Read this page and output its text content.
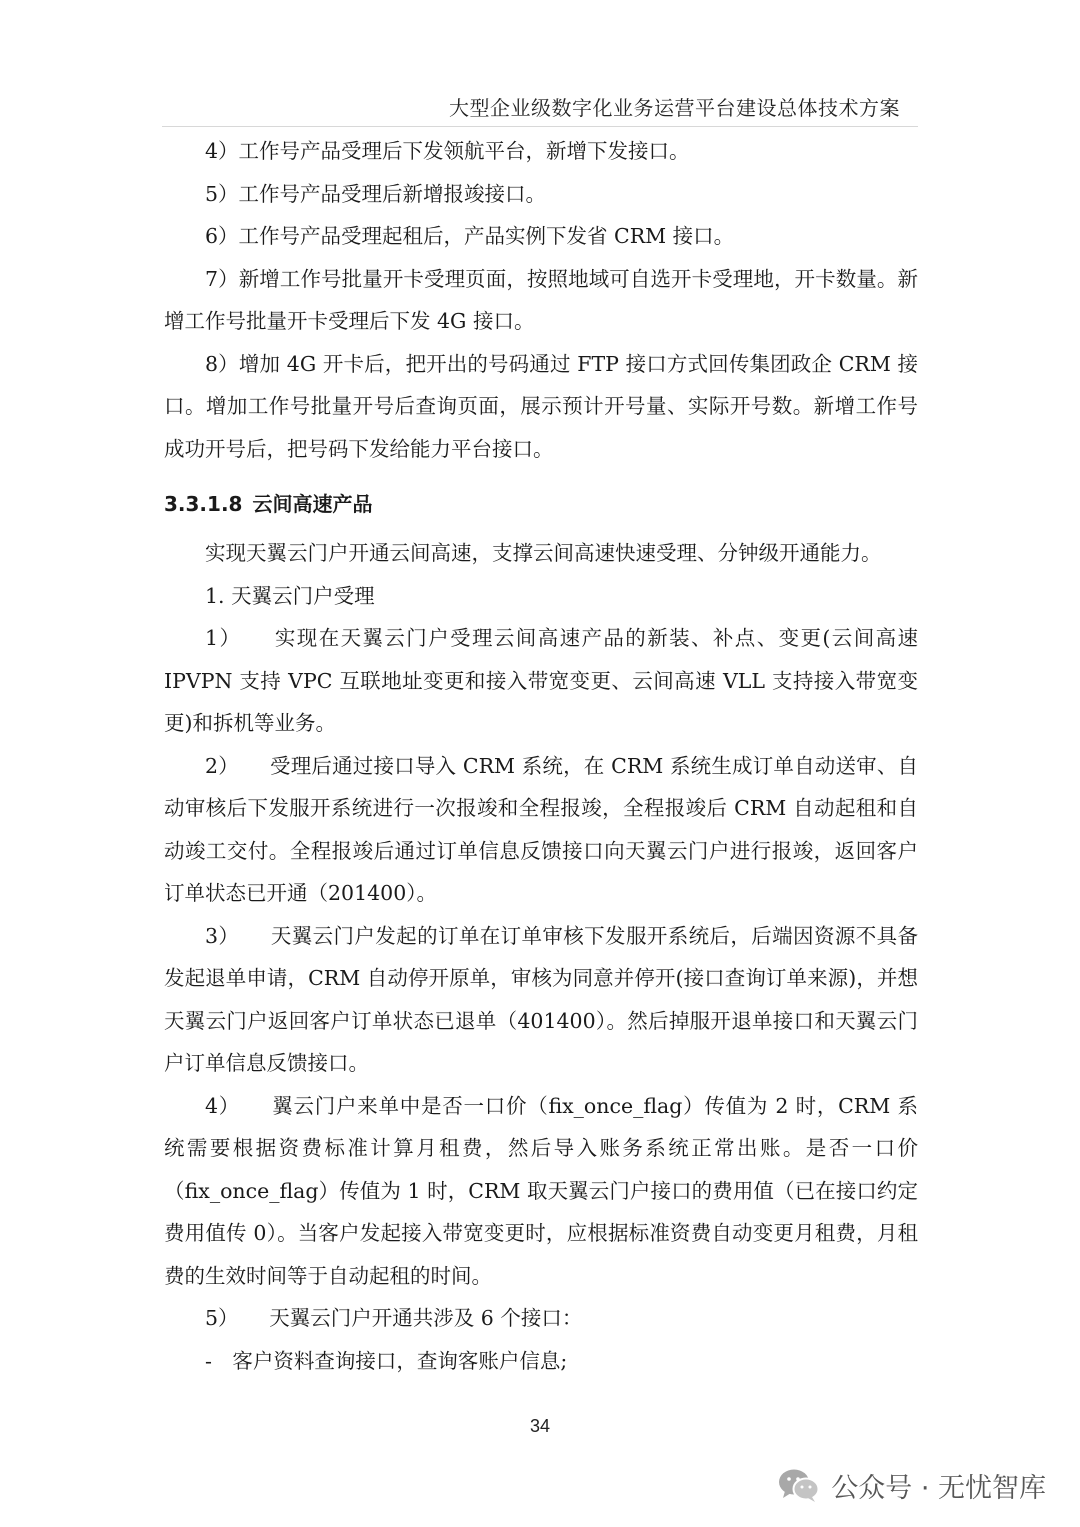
大型企业级数字化业务运营平台建设总体技术方案

4）工作号产品受理后下发领航平台，新增下发接口。

5）工作号产品受理后新增报竣接口。

6）工作号产品受理起租后，产品实例下发省 CRM 接口。

7）新增工作号批量开卡受理页面，按照地域可自选开卡受理地，开卡数量。新增工作号批量开卡受理后下发 4G 接口。

8）增加 4G 开卡后，把开出的号码通过 FTP 接口方式回传集团政企 CRM 接口。增加工作号批量开号后查询页面，展示预计开号量、实际开号数。新增工作号成功开号后，把号码下发给能力平台接口。

3.3.1.8 云间高速产品

实现天翼云门户开通云间高速，支撑云间高速快速受理、分钟级开通能力。

1. 天翼云门户受理

1）　　实现在天翼云门户受理云间高速产品的新装、补点、变更(云间高速 IPVPN 支持 VPC 互联地址变更和接入带宽变更、云间高速 VLL 支持接入带宽变更)和拆机等业务。

2）　　受理后通过接口导入 CRM 系统，在 CRM 系统生成订单自动送审、自动审核后下发服开系统进行一次报竣和全程报竣，全程报竣后 CRM 自动起租和自动竣工交付。全程报竣后通过订单信息反馈接口向天翼云门户进行报竣，返回客户订单状态已开通（201400）。

3）　　天翼云门户发起的订单在订单审核下发服开系统后，后端因资源不具备发起退单申请，CRM 自动停开原单，审核为同意并停开(接口查询订单来源)，并想天翼云门户返回客户订单状态已退单（401400）。然后掉服开退单接口和天翼云门户订单信息反馈接口。

4）　　翼云门户来单中是否一口价（fix_once_flag）传值为 2 时，CRM 系统需要根据资费标准计算月租费，然后导入账务系统正常出账。是否一口价（fix_once_flag）传值为 1 时，CRM 取天翼云门户接口的费用值（已在接口约定费用值传 0）。当客户发起接入带宽变更时，应根据标准资费自动变更月租费，月租费的生效时间等于自动起租的时间。

5）　　天翼云门户开通共涉及 6 个接口：

-　客户资料查询接口，查询客账户信息;

34
公众号 · 无忧智库
